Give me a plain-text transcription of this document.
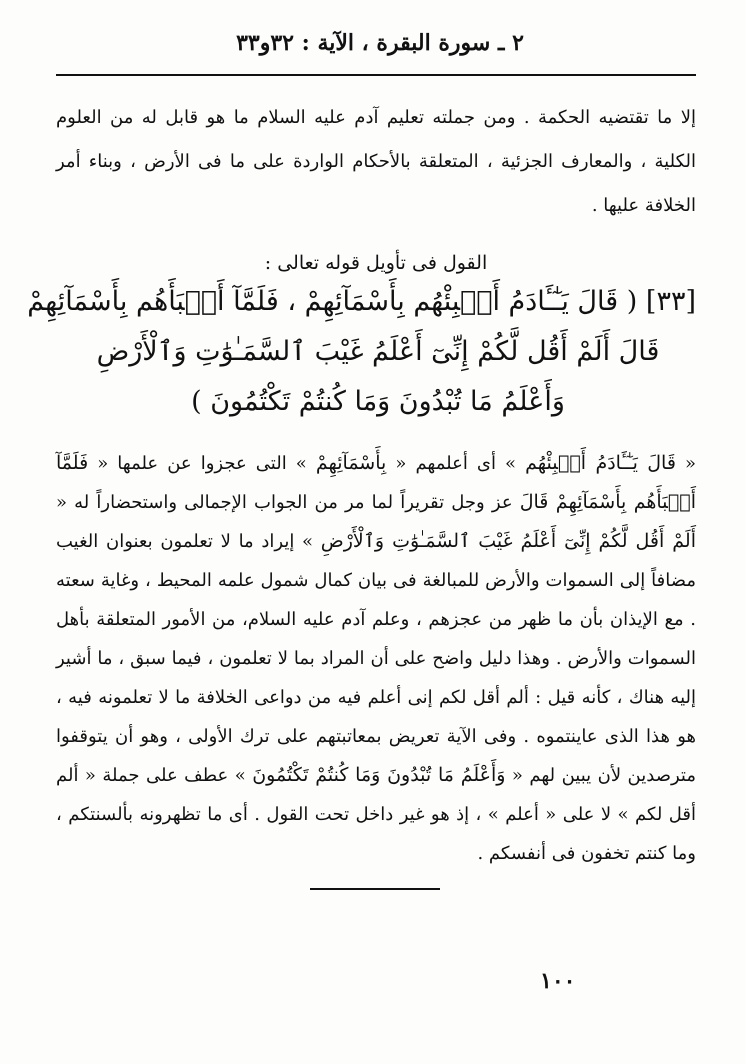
٢ ـ سورة البقرة ، الآية : ٣٢و٣٣
إلا ما تقتضيه الحكمة . ومن جملته تعليم آدم عليه السلام ما هو قابل له من العلوم الكلية ، والمعارف الجزئية ، المتعلقة بالأحكام الواردة على ما فى الأرض ، وبناء أمر الخلافة عليها .
القول فى تأويل قوله تعالى :
[٣٣] ( قَالَ يَـٰٓـَٔادَمُ أَنۢبِئْهُم بِأَسْمَآئِهِمْ ، فَلَمَّآ أَنۢبَأَهُم بِأَسْمَآئِهِمْ
قَالَ أَلَمْ أَقُل لَّكُمْ إِنِّىٓ أَعْلَمُ غَيْبَ ٱلسَّمَـٰوَٰتِ وَٱلْأَرْضِ
وَأَعْلَمُ مَا تُبْدُونَ وَمَا كُنتُمْ تَكْتُمُونَ )
« قَالَ يَـٰٓـَٔادَمُ أَنۢبِئْهُم » أى أعلمهم « بِأَسْمَآئِهِمْ » التى عجزوا عن علمها « فَلَمَّآ أَنۢبَأَهُم بِأَسْمَآئِهِمْ قَالَ عز وجل تقريراً لما مر من الجواب الإجمالى واستحضاراً له « أَلَمْ أَقُل لَّكُمْ إِنِّىٓ أَعْلَمُ غَيْبَ ٱلسَّمَـٰوَٰتِ وَٱلْأَرْضِ » إيراد ما لا تعلمون بعنوان الغيب مضافاً إلى السموات والأرض للمبالغة فى بيان كمال شمول علمه المحيط ، وغاية سعته . مع الإيذان بأن ما ظهر من عجزهم ، وعلم آدم عليه السلام، من الأمور المتعلقة بأهل السموات والأرض . وهذا دليل واضح على أن المراد بما لا تعلمون ، فيما سبق ، ما أشير إليه هناك ، كأنه قيل : ألم أقل لكم إنى أعلم فيه من دواعى الخلافة ما لا تعلمونه فيه ، هو هذا الذى عاينتموه . وفى الآية تعريض بمعاتبتهم على ترك الأولى ، وهو أن يتوقفوا مترصدين لأن يبين لهم « وَأَعْلَمُ مَا تُبْدُونَ وَمَا كُنتُمْ تَكْتُمُونَ » عطف على جملة « ألم أقل لكم » لا على « أعلم » ، إذ هو غير داخل تحت القول . أى ما تظهرونه بألسنتكم ، وما كنتم تخفون فى أنفسكم .
١٠٠
